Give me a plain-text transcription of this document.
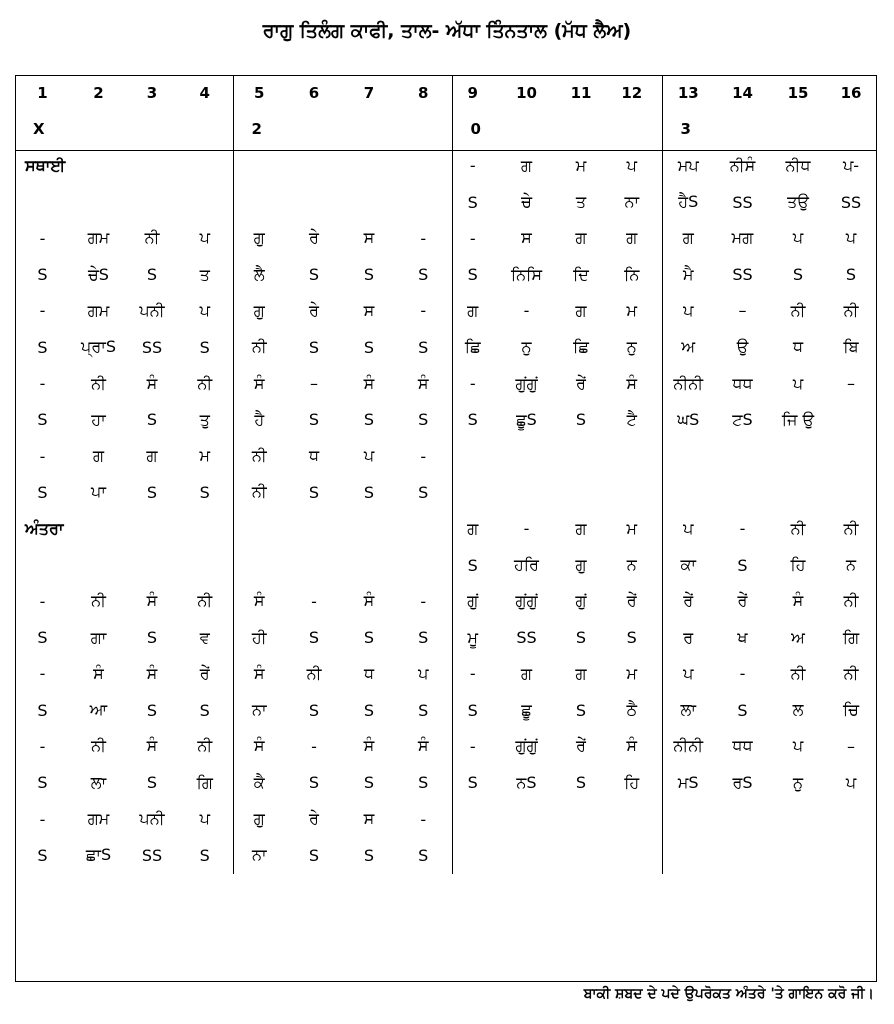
ਰਾਗੁ ਤਿਲੰਗ ਕਾਫੀ, ਤਾਲ- ਅੱਧਾ ਤਿੰਨਤਾਲ (ਮੱਧ ਲੈਅ)
1	2	3	4	5	6	7	8	9	10	11	12	13	14	15	16
X				2				0				3			
ਸਥਾਈ								-	ਗ	ਮ	ਪ	ਮਪ	ਨੀਸੰ	ਨੀਧ	ਪ-
								S	ਚੇ	ਤ	ਨਾ	ਹੈS	SS	ਤਉ	SS
-	ਗਮ	ਨੀ	ਪ	ਗੁ	ਰੇ	ਸ	-	-	ਸ	ਗ	ਗ	ਗ	ਮਗ	ਪ	ਪ
S	ਚੇS	S	ਤ	ਲੈ	S	S	S	S	ਨਿਸਿ	ਦਿ	ਨਿ	ਮੈ	SS	S	S
-	ਗਮ	ਪਨੀ	ਪ	ਗੁ	ਰੇ	ਸ	-	ਗ	-	ਗ	ਮ	ਪ	–	ਨੀ	ਨੀ
S	ਪ੍ਰਾS	SS	S	ਨੀ	S	S	S	ਛਿ	ਨੁ	ਛਿ	ਨੁ	ਅ	ਉ	ਧ	ਬਿ
-	ਨੀ	ਸੰ	ਨੀ	ਸੰ	–	ਸੰ	ਸੰ	-	ਗੁਂਗੁਂ	ਰੇਂ	ਸੰ	ਨੀਨੀ	ਧਧ	ਪ	–
S	ਹਾ	S	ਤੁ	ਹੈ	S	S	S	S	ਛੂS	S	ਟੈ	ਘS	ਟS	ਜਿ ਉ	
-	ਗ	ਗ	ਮ	ਨੀ	ਧ	ਪ	-								
S	ਪਾ	S	S	ਨੀ	S	S	S								
ਅੰਤਰਾ								ਗ	-	ਗ	ਮ	ਪ	-	ਨੀ	ਨੀ
								S	ਹਰਿ	ਗੁ	ਨ	ਕਾ	S	ਹਿ	ਨ
-	ਨੀ	ਸੰ	ਨੀ	ਸੰ	-	ਸੰ	-	ਗੁਂ	ਗੁਂਗੁਂ	ਗੁਂ	ਰੇਂ	ਰੇਂ	ਰੇਂ	ਸੰ	ਨੀ
S	ਗਾ	S	ਵ	ਹੀ	S	S	S	ਮੂ	SS	S	S	ਰ	ਖ	ਅ	ਗਿ
-	ਸੰ	ਸੰ	ਰੇਂ	ਸੰ	ਨੀ	ਧ	ਪ	-	ਗ	ਗ	ਮ	ਪ	-	ਨੀ	ਨੀ
S	ਆ	S	S	ਨਾ	S	S	S	S	ਛੂ	S	ਠੈ	ਲਾ	S	ਲ	ਚਿ
-	ਨੀ	ਸੰ	ਨੀ	ਸੰ	-	ਸੰ	ਸੰ	-	ਗੁਂਗੁਂ	ਰੇਂ	ਸੰ	ਨੀਨੀ	ਧਧ	ਪ	–
S	ਲਾ	S	ਗਿ	ਕੈ	S	S	S	S	ਨS	S	ਹਿ	ਮS	ਰS	ਨੁ	ਪ
-	ਗਮ	ਪਨੀ	ਪ	ਗੁ	ਰੇ	ਸ	-								
S	ਛਾS	SS	S	ਨਾ	S	S	S								
ਬਾਕੀ ਸ਼ਬਦ ਦੇ ਪਦੇ ਉਪਰੋਕਤ ਅੰਤਰੇ 'ਤੇ ਗਾਇਨ ਕਰੋ ਜੀ।
